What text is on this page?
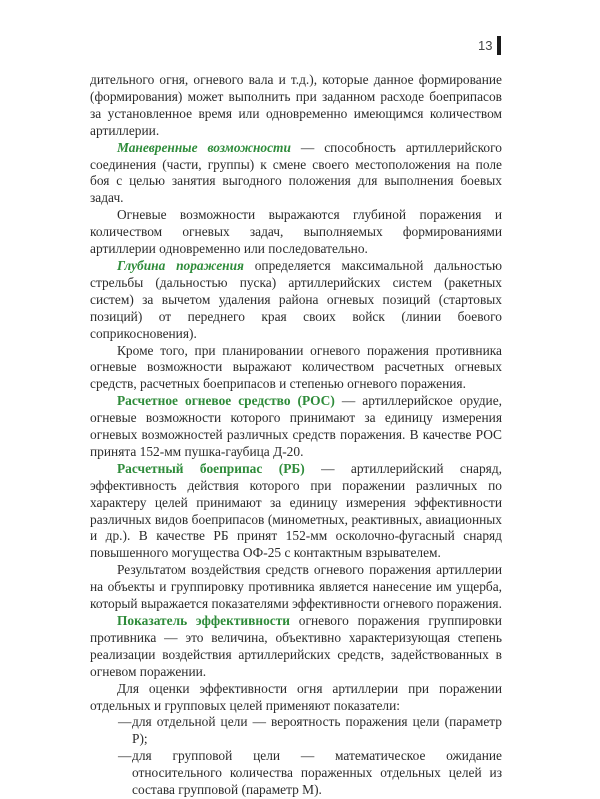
13

дительного огня, огневого вала и т.д.), которые данное формирование (формирования) может выполнить при заданном расходе боеприпасов за установленное время или одновременно имеющимся количеством артиллерии.

Маневренные возможности — способность артиллерийского соединения (части, группы) к смене своего местоположения на поле боя с целью занятия выгодного положения для выполнения боевых задач.

Огневые возможности выражаются глубиной поражения и количеством огневых задач, выполняемых формированиями артиллерии одновременно или последовательно.

Глубина поражения определяется максимальной дальностью стрельбы (дальностью пуска) артиллерийских систем (ракетных систем) за вычетом удаления района огневых позиций (стартовых позиций) от переднего края своих войск (линии боевого соприкосновения).

Кроме того, при планировании огневого поражения противника огневые возможности выражают количеством расчетных огневых средств, расчетных боеприпасов и степенью огневого поражения.

Расчетное огневое средство (РОС) — артиллерийское орудие, огневые возможности которого принимают за единицу измерения огневых возможностей различных средств поражения. В качестве РОС принята 152-мм пушка-гаубица Д-20.

Расчетный боеприпас (РБ) — артиллерийский снаряд, эффективность действия которого при поражении различных по характеру целей принимают за единицу измерения эффективности различных видов боеприпасов (минометных, реактивных, авиационных и др.). В качестве РБ принят 152-мм осколочно-фугасный снаряд повышенного могущества ОФ-25 с контактным взрывателем.

Результатом воздействия средств огневого поражения артиллерии на объекты и группировку противника является нанесение им ущерба, который выражается показателями эффективности огневого поражения.

Показатель эффективности огневого поражения группировки противника — это величина, объективно характеризующая степень реализации воздействия артиллерийских средств, задействованных в огневом поражении.

Для оценки эффективности огня артиллерии при поражении отдельных и групповых целей применяют показатели:

— для отдельной цели — вероятность поражения цели (параметр P);

— для групповой цели — математическое ожидание относительного количества пораженных отдельных целей из состава групповой (параметр M).
